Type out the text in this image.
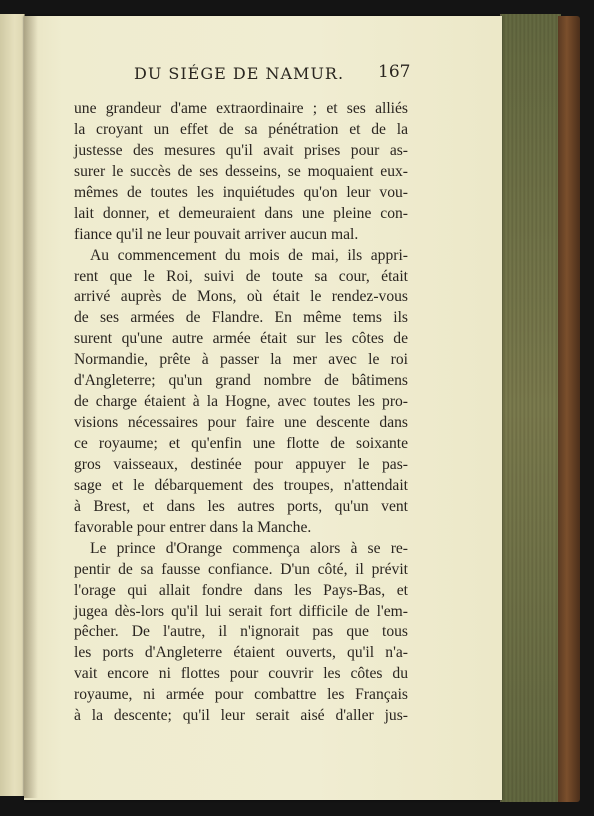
DU SIÉGE DE NAMUR.	167
une grandeur d'ame extraordinaire ; et ses alliés
la croyant un effet de sa pénétration et de la
justesse des mesures qu'il avait prises pour as-
surer le succès de ses desseins, se moquaient eux-
mêmes de toutes les inquiétudes qu'on leur vou-
lait donner, et demeuraient dans une pleine con-
fiance qu'il ne leur pouvait arriver aucun mal.
Au commencement du mois de mai, ils appri-
rent que le Roi, suivi de toute sa cour, était
arrivé auprès de Mons, où était le rendez-vous
de ses armées de Flandre. En même tems ils
surent qu'une autre armée était sur les côtes de
Normandie, prête à passer la mer avec le roi
d'Angleterre; qu'un grand nombre de bâtimens
de charge étaient à la Hogne, avec toutes les pro-
visions nécessaires pour faire une descente dans
ce royaume; et qu'enfin une flotte de soixante
gros vaisseaux, destinée pour appuyer le pas-
sage et le débarquement des troupes, n'attendait
à Brest, et dans les autres ports, qu'un vent
favorable pour entrer dans la Manche.
Le prince d'Orange commença alors à se re-
pentir de sa fausse confiance. D'un côté, il prévit
l'orage qui allait fondre dans les Pays-Bas, et
jugea dès-lors qu'il lui serait fort difficile de l'em-
pêcher. De l'autre, il n'ignorait pas que tous
les ports d'Angleterre étaient ouverts, qu'il n'a-
vait encore ni flottes pour couvrir les côtes du
royaume, ni armée pour combattre les Français
à la descente; qu'il leur serait aisé d'aller jus-
